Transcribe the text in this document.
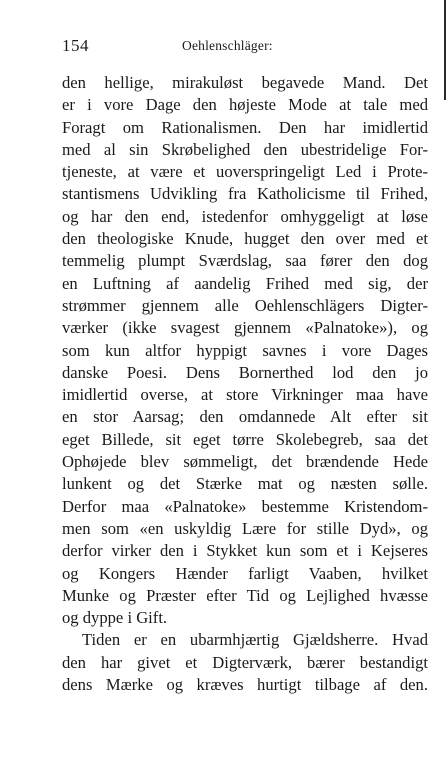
154	Oehlenschläger:
den hellige, mirakuløst begavede Mand. Det
er i vore Dage den højeste Mode at tale med
Foragt om Rationalismen. Den har imidlertid
med al sin Skrøbelighed den ubestridelige For-
tjeneste, at være et uoverspringeligt Led i Prote-
stantismens Udvikling fra Katholicisme til Frihed,
og har den end, istedenfor omhyggeligt at løse
den theologiske Knude, hugget den over med et
temmelig plumpt Sværdslag, saa fører den dog
en Luftning af aandelig Frihed med sig, der
strømmer gjennem alle Oehlenschlägers Digter-
værker (ikke svagest gjennem «Palnatoke»), og
som kun altfor hyppigt savnes i vore Dages
danske Poesi. Dens Bornerthed lod den jo
imidlertid overse, at store Virkninger maa have
en stor Aarsag; den omdannede Alt efter sit
eget Billede, sit eget tørre Skolebegreb, saa det
Ophøjede blev sømmeligt, det brændende Hede
lunkent og det Stærke mat og næsten sølle.
Derfor maa «Palnatoke» bestemme Kristendom-
men som «en uskyldig Lære for stille Dyd», og
derfor virker den i Stykket kun som et i Kejseres
og Kongers Hænder farligt Vaaben, hvilket
Munke og Præster efter Tid og Lejlighed hvæsse
og dyppe i Gift.
Tiden er en ubarmhjærtig Gjældsherre. Hvad
den har givet et Digterværk, bærer bestandigt
dens Mærke og kræves hurtigt tilbage af den.
